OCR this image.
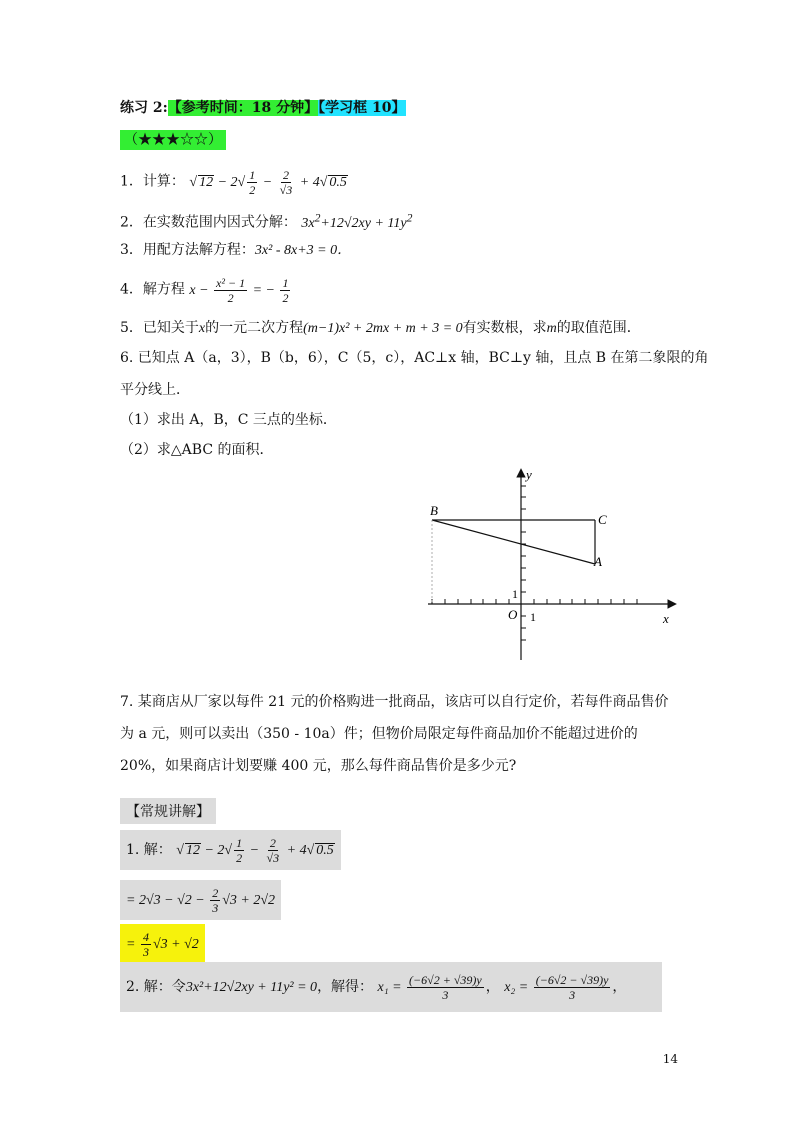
练习 2:【参考时间：18 分钟】【学习框 10】
（★★★☆☆）
1．计算： √ $12 - 2√ \frac{1}{2} - \frac{2}{√3} + 4√$ 0.5
2．在实数范围内因式分解： $3x^2+12√2xy + 11y^2$
3．用配方法解方程：3x² - 8x+3 = 0．
4．解方程 $x - \frac{\text{x² − 1}}{2}$ = − $\frac{1}{2}$
5．已知关于x的一元二次方程(m−1)x² + 2mx + m + 3 = 0有实数根，求m的取值范围．
6. 已知点 A（a，3），B（b，6），C（5，c），AC⊥x 轴，BC⊥y 轴，且点 B 在第二象限的角
平分线上．
（1）求出 A，B，C 三点的坐标．
（2）求△ABC 的面积．
B
C
A
y
x
O 1
1
7. 某商店从厂家以每件 21 元的价格购进一批商品，该店可以自行定价，若每件商品售价为 a 元，则可以卖出（350 - 10a）件；但物价局限定每件商品加价不能超过进价的 20%，如果商店计划要赚 400 元，那么每件商品售价是多少元?
【常规讲解】
1. 解： √ $12 - 2√ \frac{1}{2} - \frac{2}{√3} + 4√$ 0.5
= $2√3 - √2 - \frac{2}{3} √3 + 2√2$
= $\frac{4}{3} √3 + √2$
2. 解：令3x²+12√2xy + 11y² = 0，解得： $x_1 = \frac{(-6√2 + √39)y}{3}$ ， $x_2 = \frac{(-6√2 - √39)y}{3}$ ，
14
